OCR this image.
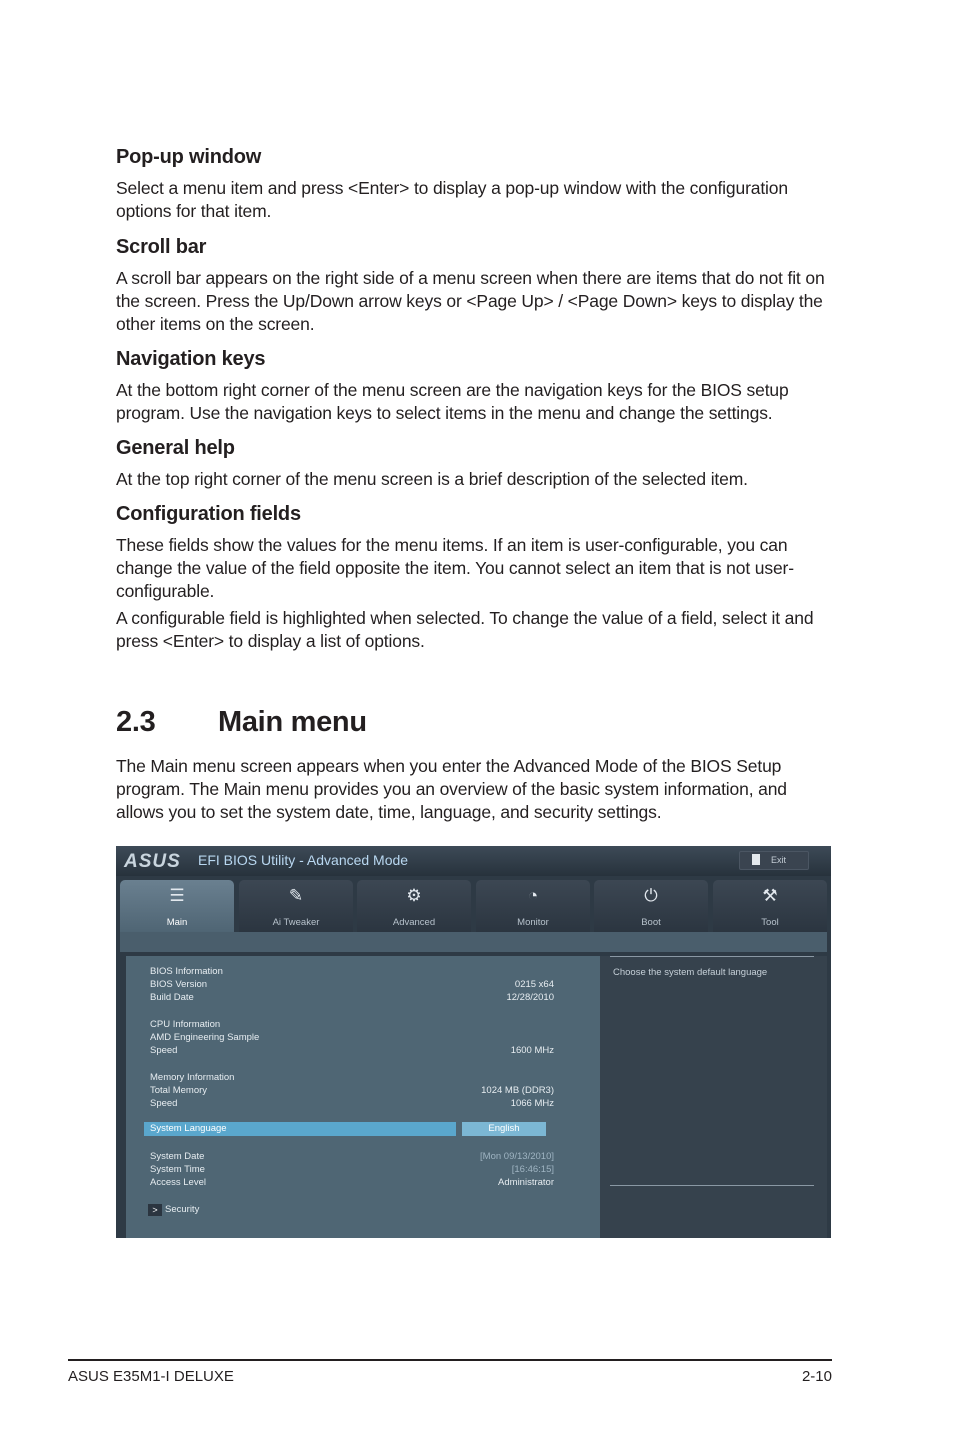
Pop-up window

Select a menu item and press <Enter> to display a pop-up window with the configuration options for that item.

Scroll bar

A scroll bar appears on the right side of a menu screen when there are items that do not fit on the screen. Press the Up/Down arrow keys or <Page Up> / <Page Down> keys to display the other items on the screen.

Navigation keys

At the bottom right corner of the menu screen are the navigation keys for the BIOS setup program. Use the navigation keys to select items in the menu and change the settings.

General help

At the top right corner of the menu screen is a brief description of the selected item.

Configuration fields

These fields show the values for the menu items. If an item is user-configurable, you can change the value of the field opposite the item. You cannot select an item that is not user-configurable.

A configurable field is highlighted when selected. To change the value of a field, select it and press <Enter> to display a list of options.

2.3 Main menu

The Main menu screen appears when you enter the Advanced Mode of the BIOS Setup program. The Main menu provides you an overview of the basic system information, and allows you to set the system date, time, language, and security settings.

ASUS EFI BIOS Utility - Advanced Mode	Exit
☰
Main
✎
Ai Tweaker
⚙
Advanced
◔
Monitor
⏻
Boot
⚒
Tool
BIOS Information
BIOS Version	0215 x64
Build Date	12/28/2010
CPU Information
AMD Engineering Sample
Speed	1600 MHz
Memory Information
Total Memory	1024 MB (DDR3)
Speed	1066 MHz
System Language	English
System Date	[Mon 09/13/2010]
System Time	[16:46:15]
Access Level	Administrator
> Security
Choose the system default language
ASUS E35M1-I DELUXE	2-10
